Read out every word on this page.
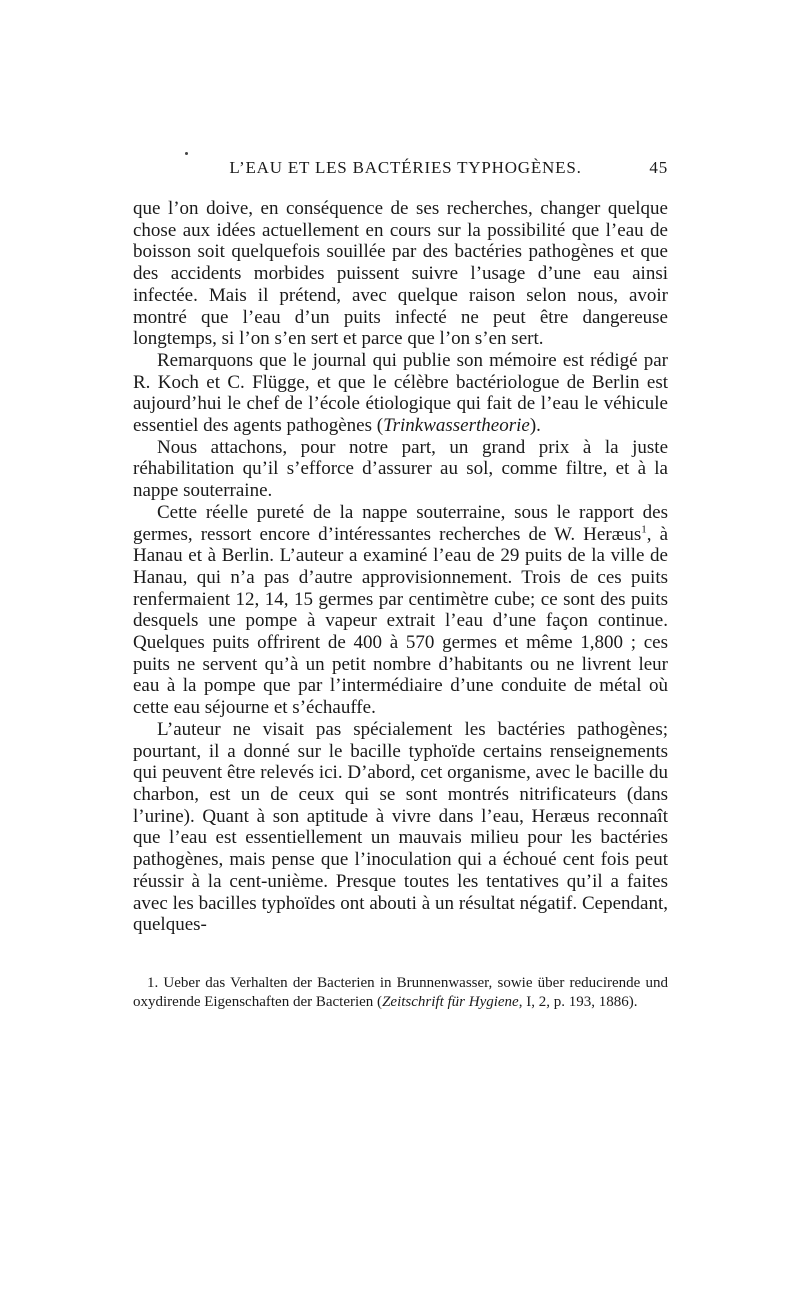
L’EAU ET LES BACTÉRIES TYPHOGÈNES.	45

que l’on doive, en conséquence de ses recherches, changer quelque chose aux idées actuellement en cours sur la possibilité que l’eau de boisson soit quelquefois souillée par des bactéries pathogènes et que des accidents morbides puissent suivre l’usage d’une eau ainsi infectée. Mais il prétend, avec quelque raison selon nous, avoir montré que l’eau d’un puits infecté ne peut être dangereuse longtemps, si l’on s’en sert et parce que l’on s’en sert.

Remarquons que le journal qui publie son mémoire est rédigé par R. Koch et C. Flügge, et que le célèbre bactériologue de Berlin est aujourd’hui le chef de l’école étiologique qui fait de l’eau le véhicule essentiel des agents pathogènes (Trinkwassertheorie).

Nous attachons, pour notre part, un grand prix à la juste réhabilitation qu’il s’efforce d’assurer au sol, comme filtre, et à la nappe souterraine.

Cette réelle pureté de la nappe souterraine, sous le rapport des germes, ressort encore d’intéressantes recherches de W. Heræus$^1$, à Hanau et à Berlin. L’auteur a examiné l’eau de 29 puits de la ville de Hanau, qui n’a pas d’autre approvisionnement. Trois de ces puits renfermaient 12, 14, 15 germes par centimètre cube; ce sont des puits desquels une pompe à vapeur extrait l’eau d’une façon continue. Quelques puits offrirent de 400 à 570 germes et même 1,800 ; ces puits ne servent qu’à un petit nombre d’habitants ou ne livrent leur eau à la pompe que par l’intermédiaire d’une conduite de métal où cette eau séjourne et s’échauffe.

L’auteur ne visait pas spécialement les bactéries pathogènes; pourtant, il a donné sur le bacille typhoïde certains renseignements qui peuvent être relevés ici. D’abord, cet organisme, avec le bacille du charbon, est un de ceux qui se sont montrés nitrificateurs (dans l’urine). Quant à son aptitude à vivre dans l’eau, Heræus reconnaît que l’eau est essentiellement un mauvais milieu pour les bactéries pathogènes, mais pense que l’inoculation qui a échoué cent fois peut réussir à la cent-unième. Presque toutes les tentatives qu’il a faites avec les bacilles typhoïdes ont abouti à un résultat négatif. Cependant, quelques-

1. Ueber das Verhalten der Bacterien in Brunnenwasser, sowie über reducirende und oxydirende Eigenschaften der Bacterien (Zeitschrift für Hygiene, I, 2, p. 193, 1886).
